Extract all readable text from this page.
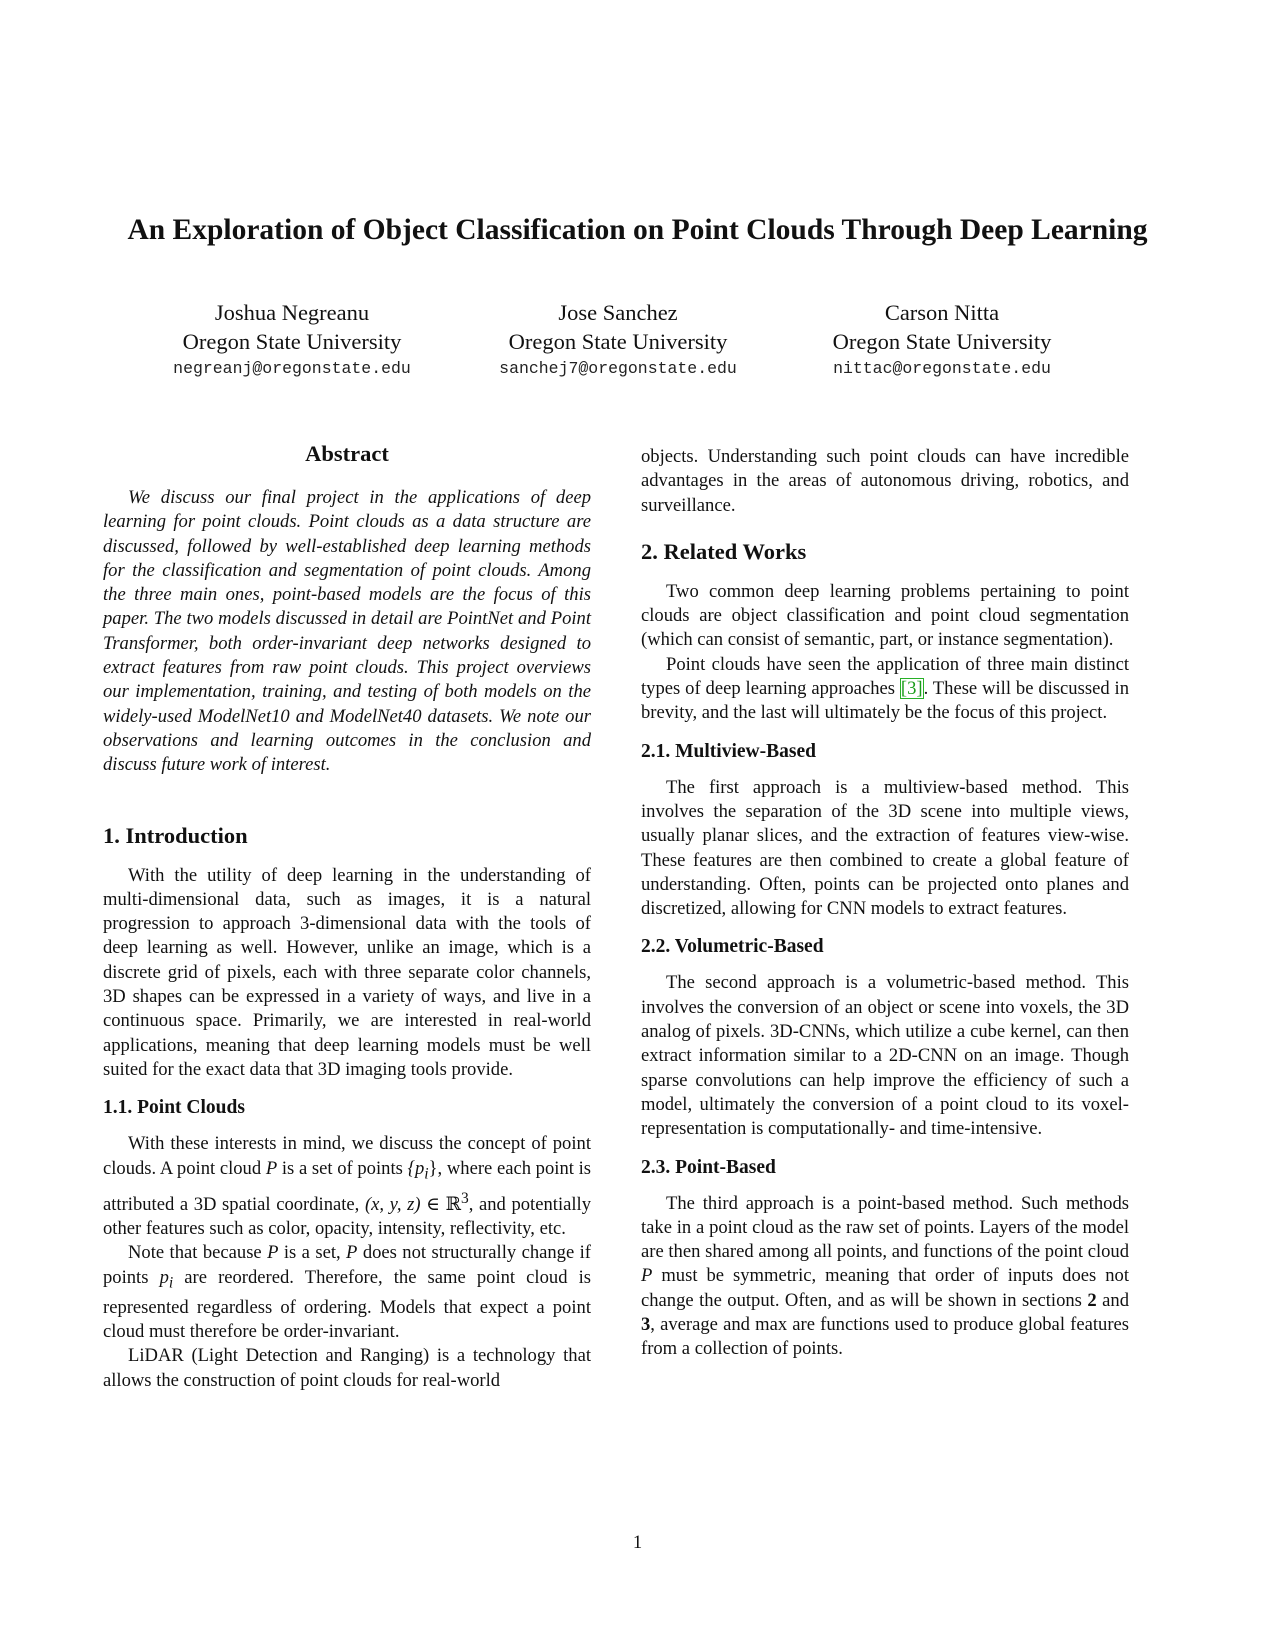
An Exploration of Object Classification on Point Clouds Through Deep Learning
Joshua Negreanu
Oregon State University
negreanj@oregonstate.edu
Jose Sanchez
Oregon State University
sanchej7@oregonstate.edu
Carson Nitta
Oregon State University
nittac@oregonstate.edu
Abstract

We discuss our final project in the applications of deep learning for point clouds. Point clouds as a data structure are discussed, followed by well-established deep learning methods for the classification and segmentation of point clouds. Among the three main ones, point-based models are the focus of this paper. The two models discussed in detail are PointNet and Point Transformer, both order-invariant deep networks designed to extract features from raw point clouds. This project overviews our implementation, training, and testing of both models on the widely-used ModelNet10 and ModelNet40 datasets. We note our observations and learning outcomes in the conclusion and discuss future work of interest.

1. Introduction

With the utility of deep learning in the understanding of multi-dimensional data, such as images, it is a natural progression to approach 3-dimensional data with the tools of deep learning as well. However, unlike an image, which is a discrete grid of pixels, each with three separate color channels, 3D shapes can be expressed in a variety of ways, and live in a continuous space. Primarily, we are interested in real-world applications, meaning that deep learning models must be well suited for the exact data that 3D imaging tools provide.

1.1. Point Clouds

With these interests in mind, we discuss the concept of point clouds. A point cloud P is a set of points $\{p_i\}$, where each point is attributed a 3D spatial coordinate, (x, y, z) ∈ ℝ$^3$, and potentially other features such as color, opacity, intensity, reflectivity, etc.

Note that because P is a set, P does not structurally change if points $p_i$ are reordered. Therefore, the same point cloud is represented regardless of ordering. Models that expect a point cloud must therefore be order-invariant.

LiDAR (Light Detection and Ranging) is a technology that allows the construction of point clouds for real-world

objects. Understanding such point clouds can have incredible advantages in the areas of autonomous driving, robotics, and surveillance.

2. Related Works

Two common deep learning problems pertaining to point clouds are object classification and point cloud segmentation (which can consist of semantic, part, or instance segmentation).

Point clouds have seen the application of three main distinct types of deep learning approaches [3]. These will be discussed in brevity, and the last will ultimately be the focus of this project.

2.1. Multiview-Based

The first approach is a multiview-based method. This involves the separation of the 3D scene into multiple views, usually planar slices, and the extraction of features view-wise. These features are then combined to create a global feature of understanding. Often, points can be projected onto planes and discretized, allowing for CNN models to extract features.

2.2. Volumetric-Based

The second approach is a volumetric-based method. This involves the conversion of an object or scene into voxels, the 3D analog of pixels. 3D-CNNs, which utilize a cube kernel, can then extract information similar to a 2D-CNN on an image. Though sparse convolutions can help improve the efficiency of such a model, ultimately the conversion of a point cloud to its voxel-representation is computationally- and time-intensive.

2.3. Point-Based

The third approach is a point-based method. Such methods take in a point cloud as the raw set of points. Layers of the model are then shared among all points, and functions of the point cloud P must be symmetric, meaning that order of inputs does not change the output. Often, and as will be shown in sections 2 and 3, average and max are functions used to produce global features from a collection of points.

1
